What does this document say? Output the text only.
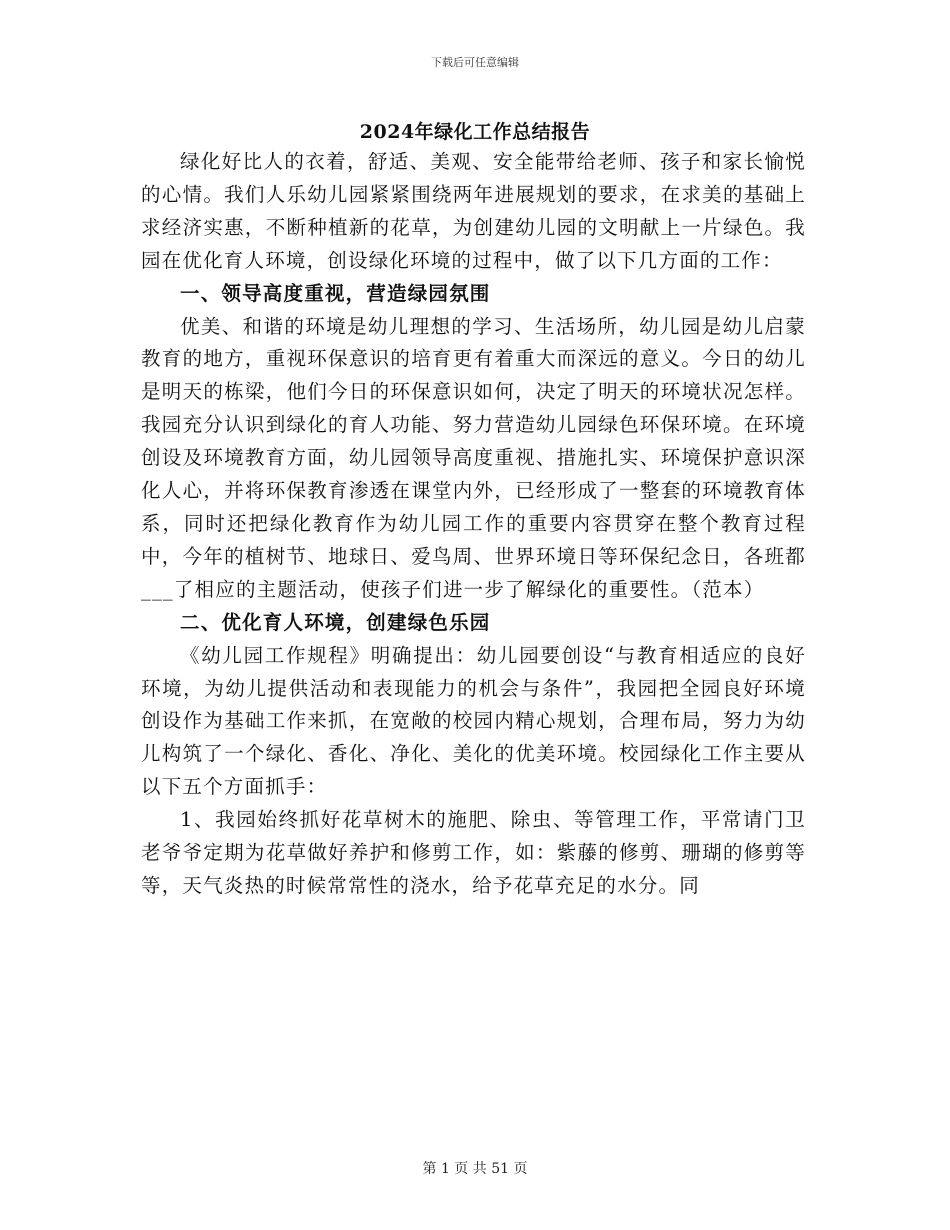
下载后可任意编辑
2024年绿化工作总结报告

绿化好比人的衣着，舒适、美观、安全能带给老师、孩子和家长愉悦的心情。我们人乐幼儿园紧紧围绕两年进展规划的要求，在求美的基础上求经济实惠，不断种植新的花草，为创建幼儿园的文明献上一片绿色。我园在优化育人环境，创设绿化环境的过程中，做了以下几方面的工作：

一、领导高度重视，营造绿园氛围

优美、和谐的环境是幼儿理想的学习、生活场所，幼儿园是幼儿启蒙教育的地方，重视环保意识的培育更有着重大而深远的意义。今日的幼儿是明天的栋梁，他们今日的环保意识如何，决定了明天的环境状况怎样。我园充分认识到绿化的育人功能、努力营造幼儿园绿色环保环境。在环境创设及环境教育方面，幼儿园领导高度重视、措施扎实、环境保护意识深化人心，并将环保教育渗透在课堂内外，已经形成了一整套的环境教育体系，同时还把绿化教育作为幼儿园工作的重要内容贯穿在整个教育过程中，今年的植树节、地球日、爱鸟周、世界环境日等环保纪念日，各班都___了相应的主题活动，使孩子们进一步了解绿化的重要性。（范本）

二、优化育人环境，创建绿色乐园

《幼儿园工作规程》明确提出：幼儿园要创设“与教育相适应的良好环境，为幼儿提供活动和表现能力的机会与条件”，我园把全园良好环境创设作为基础工作来抓，在宽敞的校园内精心规划，合理布局，努力为幼儿构筑了一个绿化、香化、净化、美化的优美环境。校园绿化工作主要从以下五个方面抓手：

1、我园始终抓好花草树木的施肥、除虫、等管理工作，平常请门卫老爷爷定期为花草做好养护和修剪工作，如：紫藤的修剪、珊瑚的修剪等等，天气炎热的时候常常性的浇水，给予花草充足的水分。同

第 1 页 共 51 页
